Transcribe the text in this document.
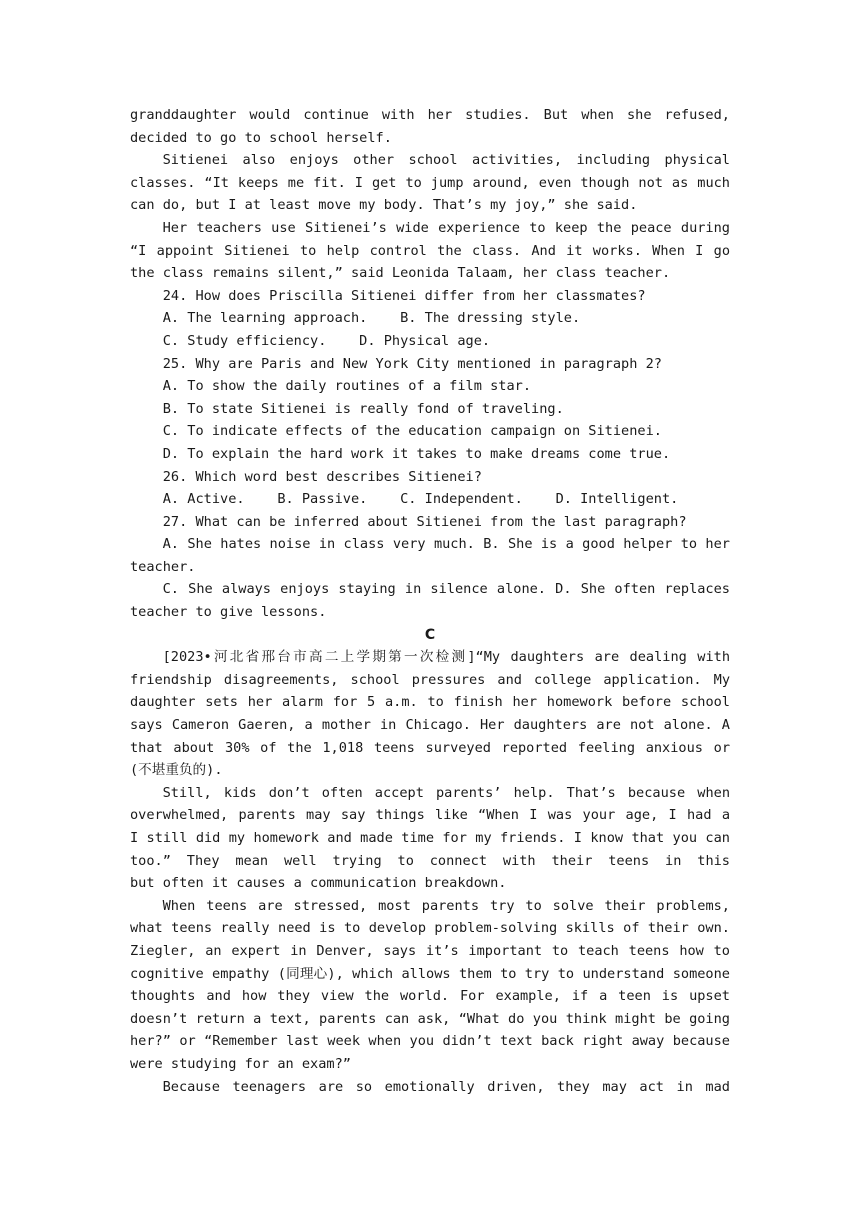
granddaughter would continue with her studies. But when she refused,
decided to go to school herself.
Sitienei also enjoys other school activities, including physical
classes. “It keeps me fit. I get to jump around, even though not as much
can do, but I at least move my body. That’s my joy,” she said.
Her teachers use Sitienei’s wide experience to keep the peace during
“I appoint Sitienei to help control the class. And it works. When I go
the class remains silent,” said Leonida Talaam, her class teacher.
24. How does Priscilla Sitienei differ from her classmates?
A. The learning approach.    B. The dressing style.
C. Study efficiency.    D. Physical age.
25. Why are Paris and New York City mentioned in paragraph 2?
A. To show the daily routines of a film star.
B. To state Sitienei is really fond of traveling.
C. To indicate effects of the education campaign on Sitienei.
D. To explain the hard work it takes to make dreams come true.
26. Which word best describes Sitienei?
A. Active.    B. Passive.    C. Independent.    D. Intelligent.
27. What can be inferred about Sitienei from the last paragraph?
A. She hates noise in class very much. B. She is a good helper to her
teacher.
C. She always enjoys staying in silence alone. D. She often replaces
teacher to give lessons.
C
[2023•河北省邢台市高二上学期第一次检测]“My daughters are dealing with
friendship disagreements, school pressures and college application. My
daughter sets her alarm for 5 a.m. to finish her homework before school
says Cameron Gaeren, a mother in Chicago. Her daughters are not alone. A
that about 30% of the 1,018 teens surveyed reported feeling anxious or
(不堪重负的).
Still, kids don’t often accept parents’ help. That’s because when
overwhelmed, parents may say things like “When I was your age, I had a
I still did my homework and made time for my friends. I know that you can
too.” They mean well trying to connect with their teens in this
but often it causes a communication breakdown.
When teens are stressed, most parents try to solve their problems,
what teens really need is to develop problem-solving skills of their own.
Ziegler, an expert in Denver, says it’s important to teach teens how to
cognitive empathy (同理心), which allows them to try to understand someone
thoughts and how they view the world. For example, if a teen is upset
doesn’t return a text, parents can ask, “What do you think might be going
her?” or “Remember last week when you didn’t text back right away because
were studying for an exam?”
Because teenagers are so emotionally driven, they may act in mad
